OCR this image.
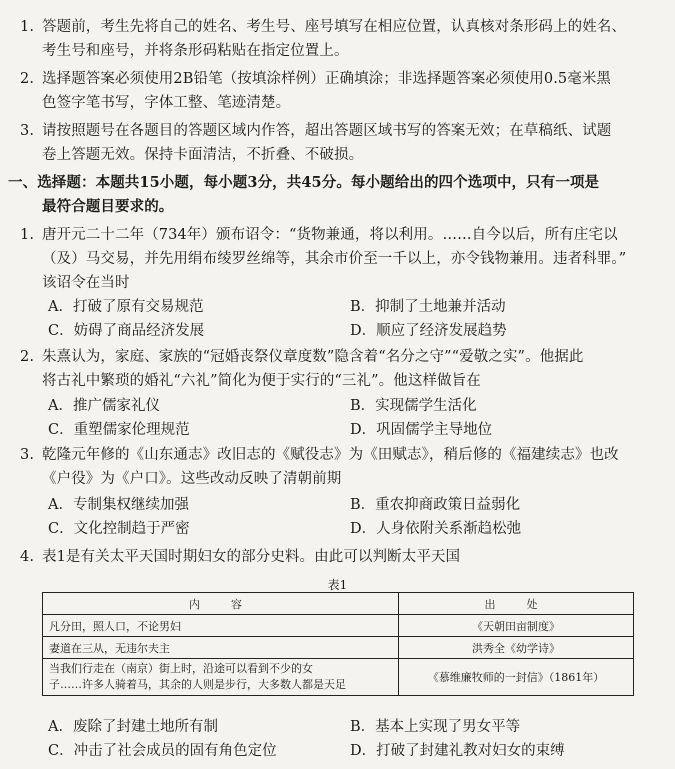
1. 答题前，考生先将自己的姓名、考生号、座号填写在相应位置，认真核对条形码上的姓名、
考生号和座号，并将条形码粘贴在指定位置上。
2. 选择题答案必须使用2B铅笔（按填涂样例）正确填涂；非选择题答案必须使用0.5毫米黑
色签字笔书写，字体工整、笔迹清楚。
3. 请按照题号在各题目的答题区域内作答，超出答题区域书写的答案无效；在草稿纸、试题
卷上答题无效。保持卡面清洁，不折叠、不破损。
一、选择题：本题共15小题，每小题3分，共45分。每小题给出的四个选项中，只有一项是
最符合题目要求的。
1. 唐开元二十二年（734年）颁布诏令：“货物兼通，将以利用。……自今以后，所有庄宅以
（及）马交易，并先用绢布绫罗丝绵等，其余市价至一千以上，亦令钱物兼用。违者科罪。”
该诏令在当时
A．打破了原有交易规范	B．抑制了土地兼并活动
C．妨碍了商品经济发展	D．顺应了经济发展趋势
2. 朱熹认为，家庭、家族的“冠婚丧祭仪章度数”隐含着“名分之守”“爱敬之实”。他据此
将古礼中繁琐的婚礼“六礼”简化为便于实行的“三礼”。他这样做旨在
A．推广儒家礼仪	B．实现儒学生活化
C．重塑儒家伦理规范	D．巩固儒学主导地位
3. 乾隆元年修的《山东通志》改旧志的《赋役志》为《田赋志》，稍后修的《福建续志》也改
《户役》为《户口》。这些改动反映了清朝前期
A．专制集权继续加强	B．重农抑商政策日益弱化
C．文化控制趋于严密	D．人身依附关系渐趋松弛
4. 表1是有关太平天国时期妇女的部分史料。由此可以判断太平天国
表1
内　容	出　处
凡分田，照人口，不论男妇	《天朝田亩制度》
妻道在三从，无违尔夫主	洪秀全《幼学诗》

当我们行走在（南京）街上时，沿途可以看到不少的女
子……许多人骑着马，其余的人则是步行，大多数人都是天足	《慕维廉牧师的一封信》（1861年）
A．废除了封建土地所有制	B．基本上实现了男女平等
C．冲击了社会成员的固有角色定位	D．打破了封建礼教对妇女的束缚
